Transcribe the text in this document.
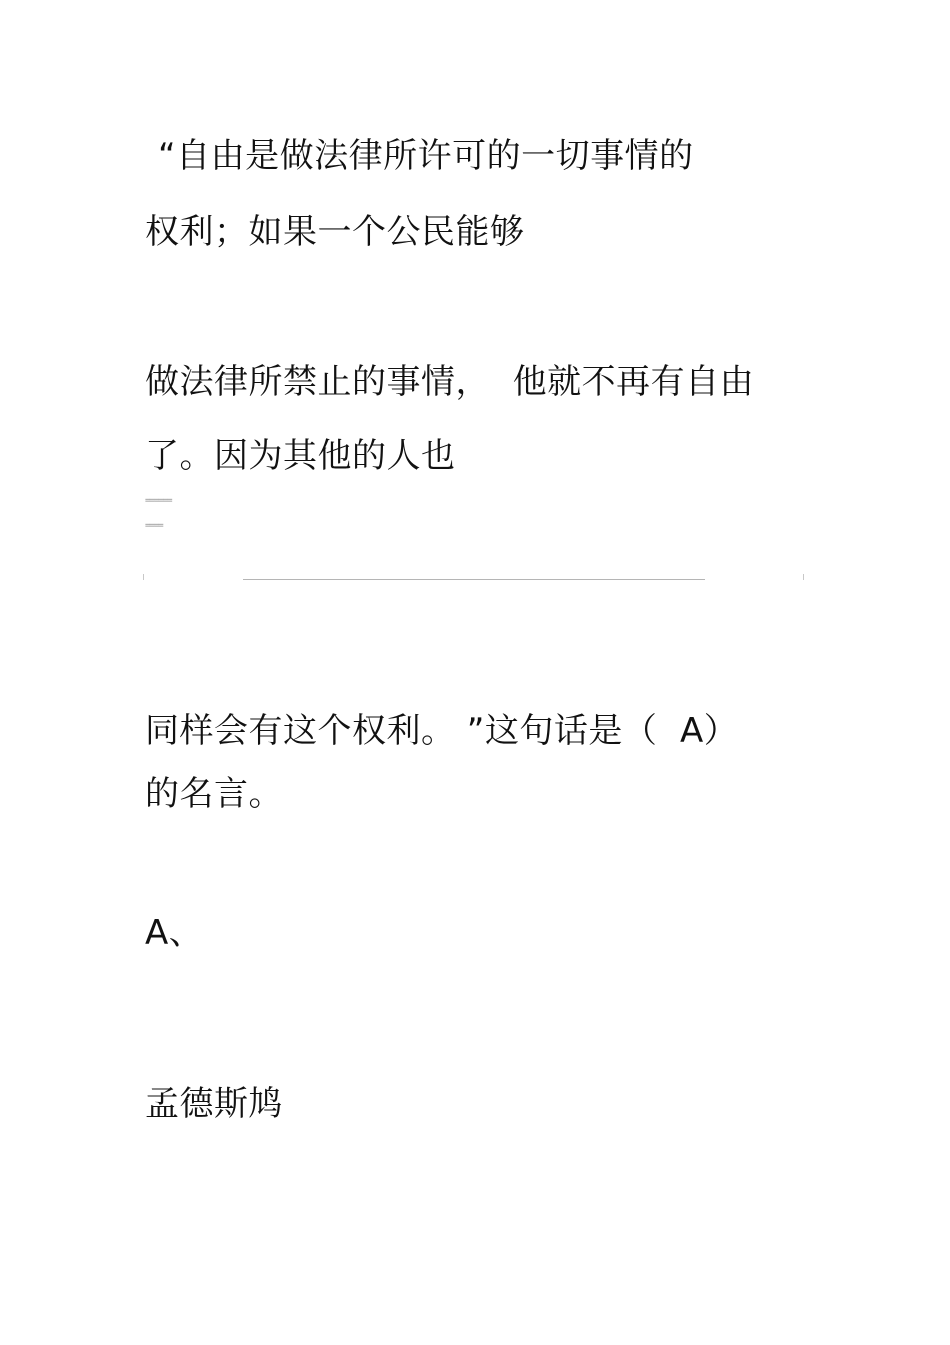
“自由是做法律所许可的一切事情的
权利；如果一个公民能够
做法律所禁止的事情，  他就不再有自由
了。因为其他的人也
======
====
同样会有这个权利。 ”这句话是（  A）
的名言。
A、
孟德斯鸠
